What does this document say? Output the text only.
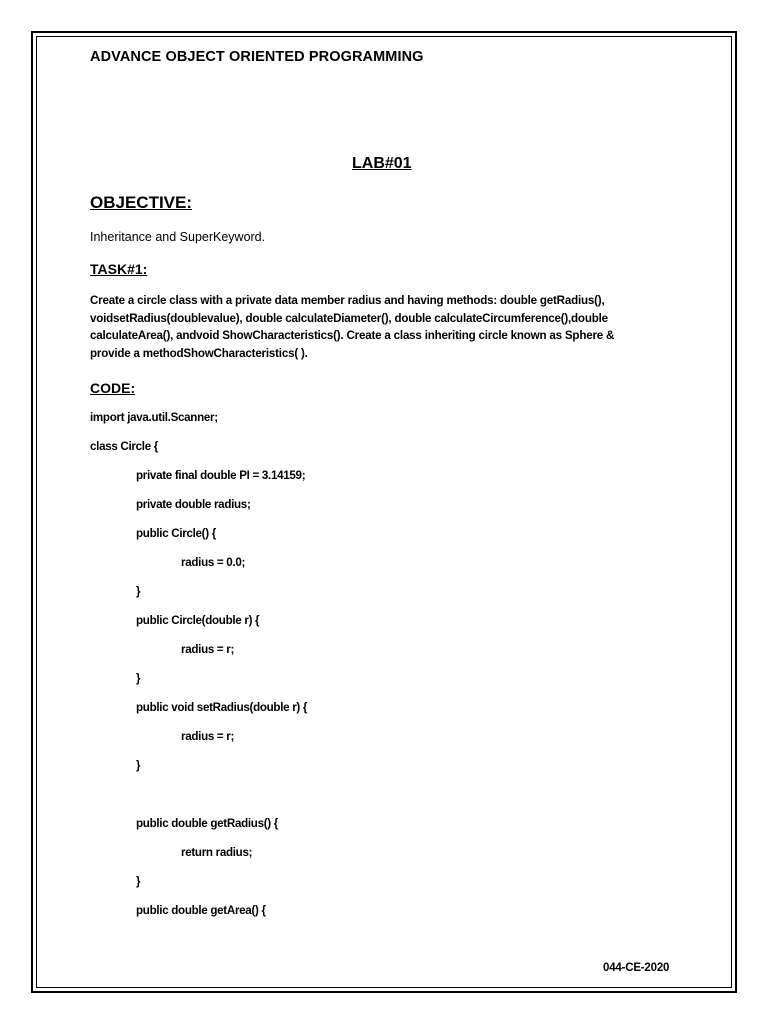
ADVANCE OBJECT ORIENTED PROGRAMMING
LAB#01
OBJECTIVE:
Inheritance and SuperKeyword.
TASK#1:
Create a circle class with a private data member radius and having methods: double getRadius(),
voidsetRadius(doublevalue), double calculateDiameter(), double calculateCircumference(),double
calculateArea(), andvoid ShowCharacteristics(). Create a class inheriting circle known as Sphere &
provide a methodShowCharacteristics( ).
CODE:
import java.util.Scanner;
class Circle {
private final double PI = 3.14159;
private double radius;
public Circle() {
radius = 0.0;
}
public Circle(double r) {
radius = r;
}
public void setRadius(double r) {
radius = r;
}
public double getRadius() {
return radius;
}
public double getArea() {
044-CE-2020
